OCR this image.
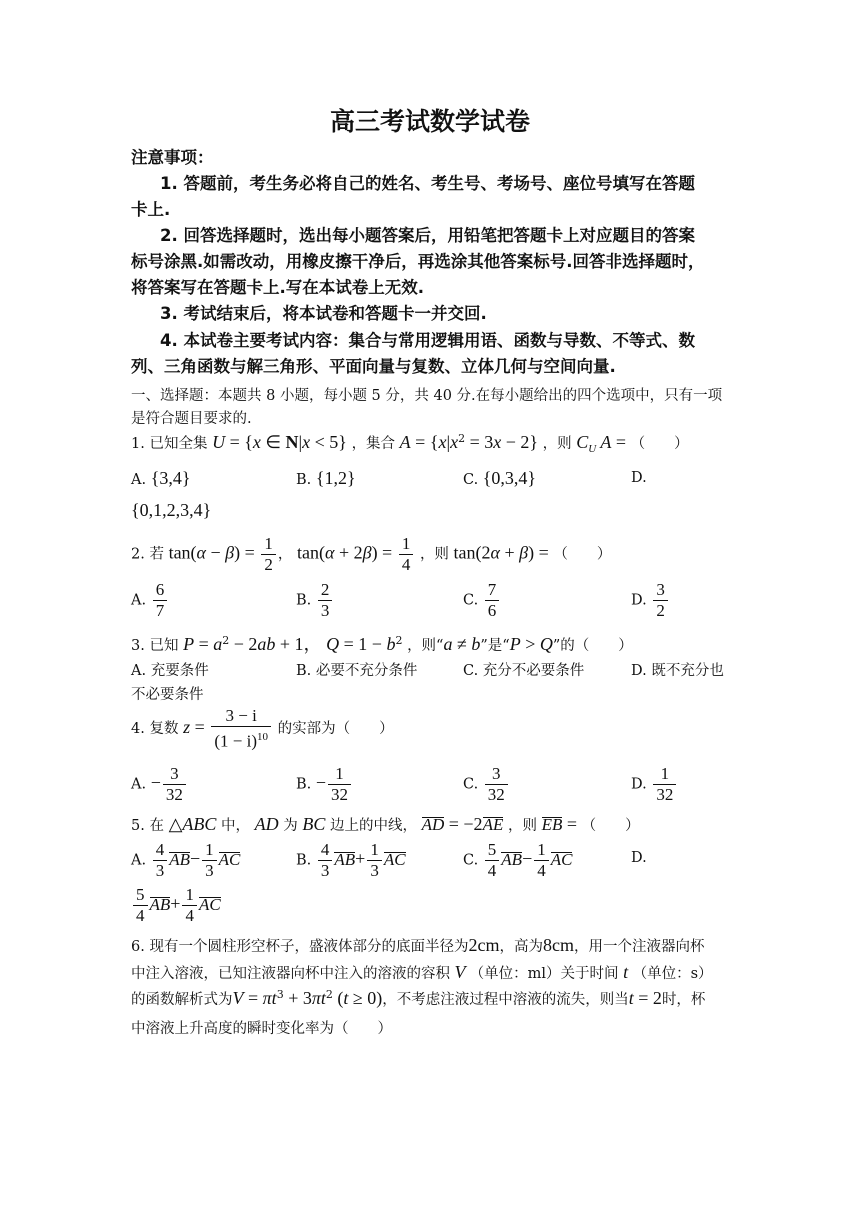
高三考试数学试卷
注意事项：
1. 答题前，考生务必将自己的姓名、考生号、考场号、座位号填写在答题
卡上.
2. 回答选择题时，选出每小题答案后，用铅笔把答题卡上对应题目的答案
标号涂黑.如需改动，用橡皮擦干净后，再选涂其他答案标号.回答非选择题时，
将答案写在答题卡上.写在本试卷上无效.
3. 考试结束后，将本试卷和答题卡一并交回.
4. 本试卷主要考试内容：集合与常用逻辑用语、函数与导数、不等式、数
列、三角函数与解三角形、平面向量与复数、立体几何与空间向量.
一、选择题：本题共 8 小题，每小题 5 分，共 40 分.在每小题给出的四个选项中，只有一项
是符合题目要求的.
1. 已知全集 U = {x ∈ N|x < 5} ，集合 $A = \{x|x^2 = 3x - 2\}$ ，则 $C_U$ A = （　　）
A. {3,4}	B. {1,2}	C. {0,3,4}	D.
{0,1,2,3,4}
2. 若 $\tan(\alpha - \beta) = \frac{1}{2}$ ， $\tan(\alpha + 2\beta) = \frac{1}{4}$ ，则 tan(2α + β) = （　　）
A. $\frac{6}{7}$	B. $\frac{2}{3}$	C. $\frac{7}{6}$	D. $\frac{3}{2}$
3. 已知 $P = a^2 - 2ab + 1$， $Q = 1 - b^2$ ，则“a ≠ b”是“P > Q”的（　　）
A. 充要条件	B. 必要不充分条件	C. 充分不必要条件	D. 既不充分也
不必要条件
4. 复数 $z = \frac{3 - i}{(1 - i)^{10}}$ 的实部为（　　）
A. − $\frac{3}{32}$	B. − $\frac{1}{32}$	C. $\frac{3}{32}$	D. $\frac{1}{32}$
5. 在 △ABC 中， AD 为 BC 边上的中线， AD = −2AE ，则 EB = （　　）
A. $\frac{4}{3} AB- \frac{1}{3}$ AC	B. $\frac{4}{3} AB+ \frac{1}{3}$ AC	C. $\frac{5}{4} AB- \frac{1}{4}$ AC	D.
$\frac{5}{4} AB+ \frac{1}{4}$ AC
6. 现有一个圆柱形空杯子，盛液体部分的底面半径为2cm，高为8cm，用一个注液器向杯
中注入溶液，已知注液器向杯中注入的溶液的容积 V （单位：ml）关于时间 t （单位：s）
的函数解析式为$V = \pi t^3 + 3\pi t^2$ (t ≥ 0)，不考虑注液过程中溶液的流失，则当t = 2时，杯
中溶液上升高度的瞬时变化率为（　　）
